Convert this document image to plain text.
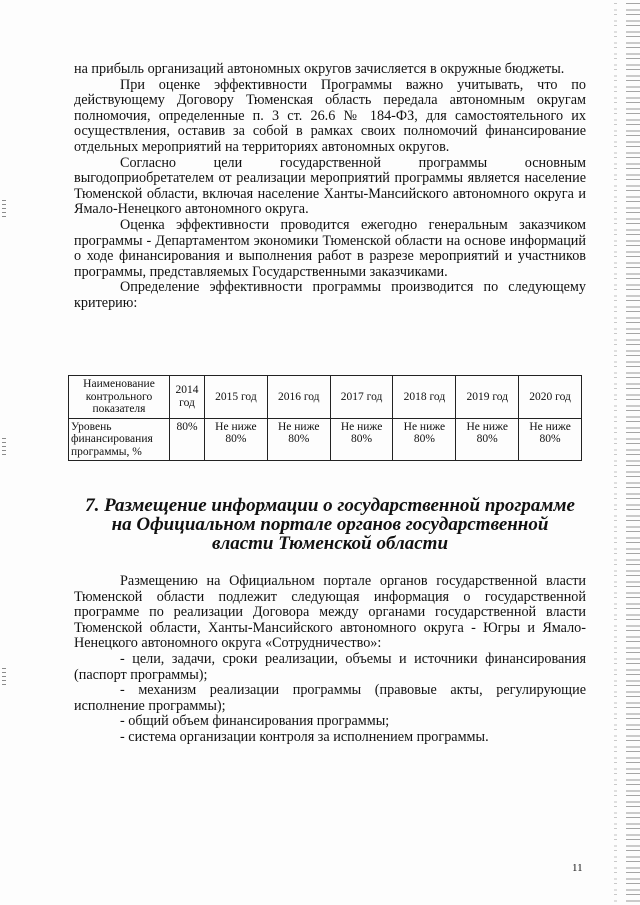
на прибыль организаций автономных округов зачисляется в окружные бюджеты.

При оценке эффективности Программы важно учитывать, что по действующему Договору Тюменская область передала автономным округам полномочия, определенные п. 3 ст. 26.6 № 184-ФЗ, для самостоятельного их осуществления, оставив за собой в рамках своих полномочий финансирование отдельных мероприятий на территориях автономных округов.

Согласно цели государственной программы основным выгодоприобретателем от реализации мероприятий программы является население Тюменской области, включая население Ханты-Мансийского автономного округа и Ямало-Ненецкого автономного округа.

Оценка эффективности проводится ежегодно генеральным заказчиком программы - Департаментом экономики Тюменской области на основе информаций о ходе финансирования и выполнения работ в разрезе мероприятий и участников программы, представляемых Государственными заказчиками.

Определение эффективности программы производится по следующему критерию:

Наименование контрольного показателя	2014 год	2015 год	2016 год	2017 год	2018 год	2019 год	2020 год
Уровень финансирования программы, %	80%	Не ниже 80%	Не ниже 80%	Не ниже 80%	Не ниже 80%	Не ниже 80%	Не ниже 80%
7. Размещение информации о государственной программе
на Официальном портале органов государственной
власти Тюменской области

Размещению на Официальном портале органов государственной власти Тюменской области подлежит следующая информация о государственной программе по реализации Договора между органами государственной власти Тюменской области, Ханты-Мансийского автономного округа - Югры и Ямало-Ненецкого автономного округа «Сотрудничество»:

- цели, задачи, сроки реализации, объемы и источники финансирования (паспорт программы);

- механизм реализации программы (правовые акты, регулирующие исполнение программы);

- общий объем финансирования программы;

- система организации контроля за исполнением программы.

11
